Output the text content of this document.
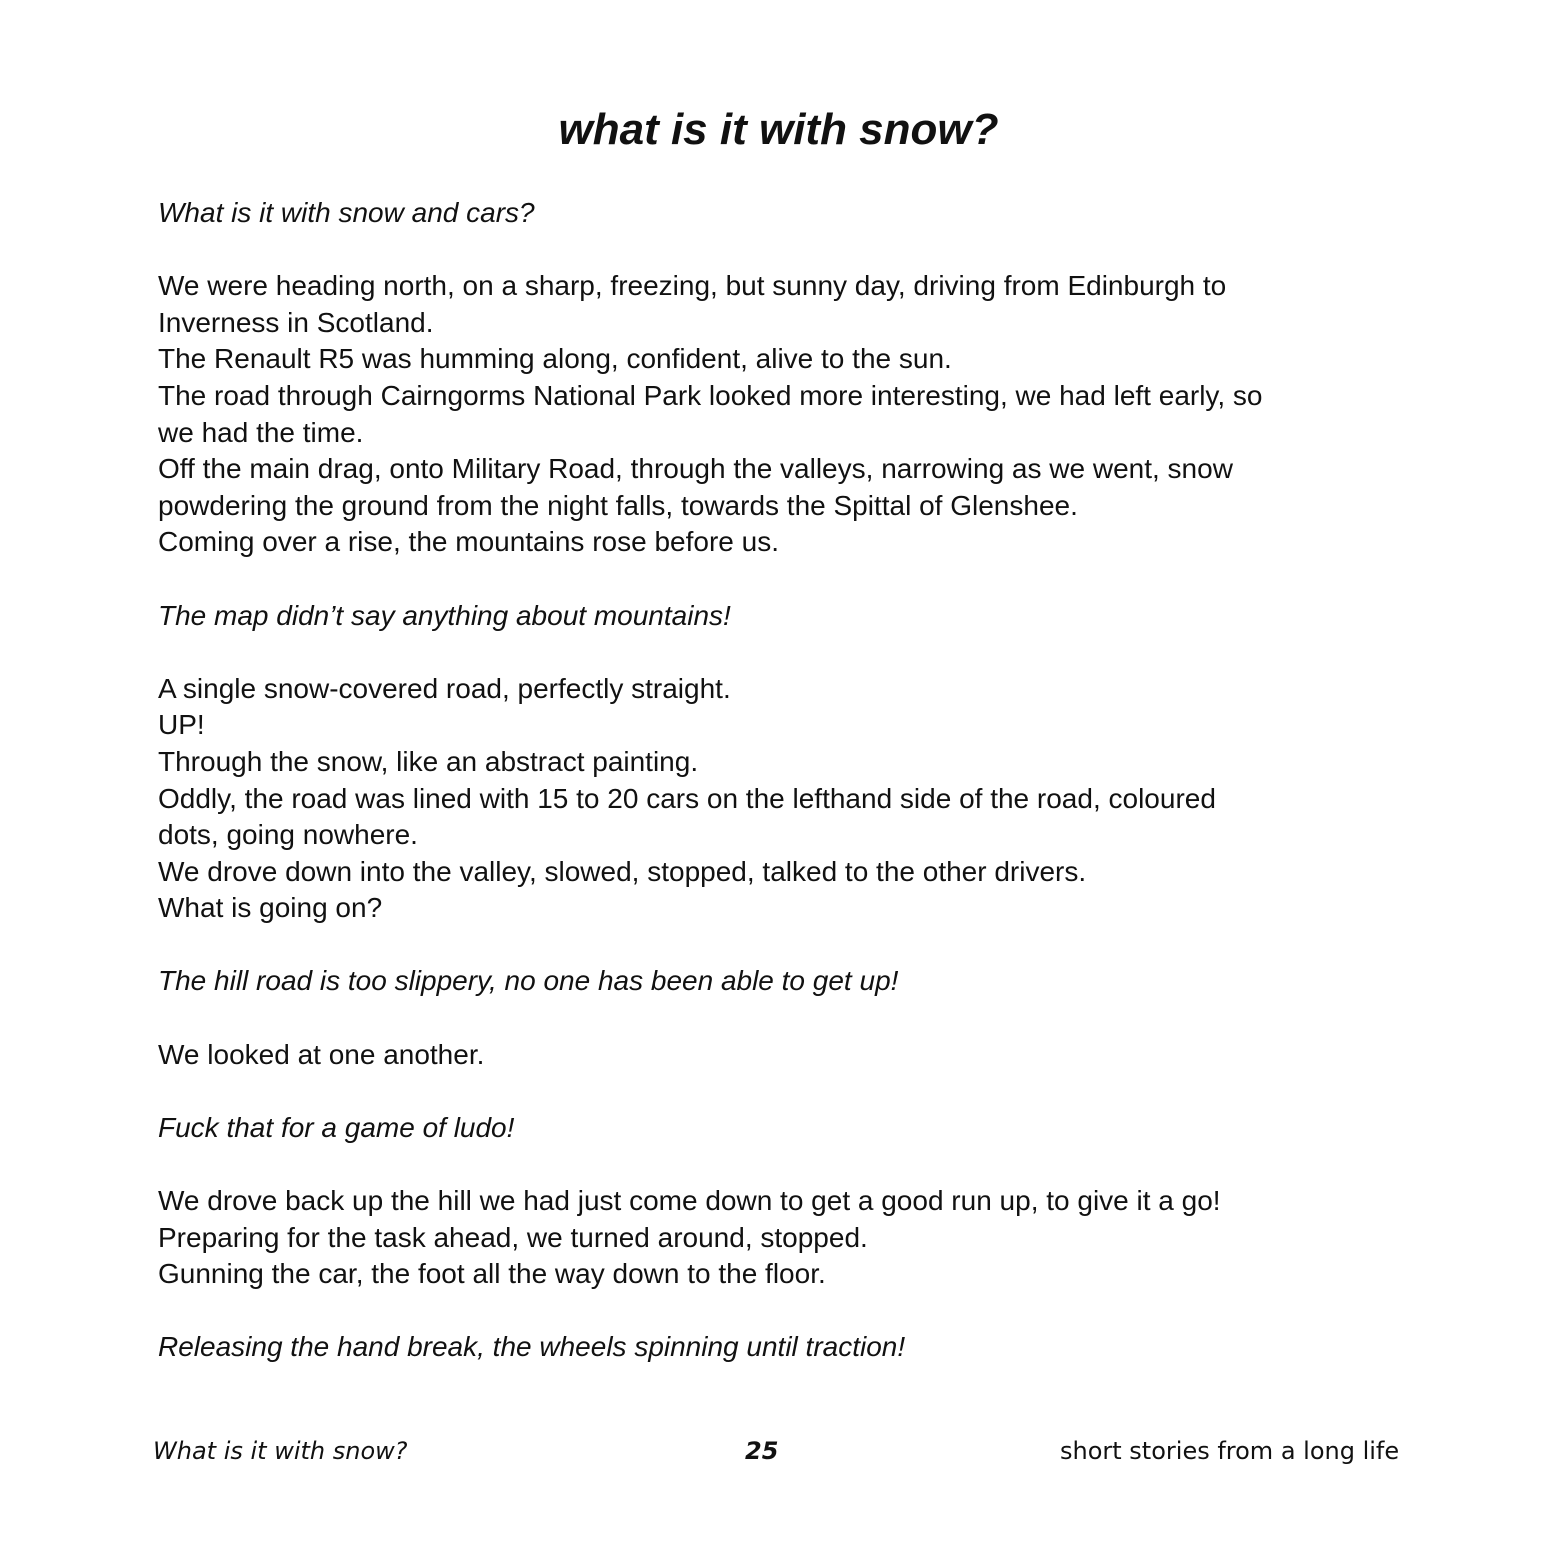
what is it with snow?
What is it with snow and cars?
We were heading north, on a sharp, freezing, but sunny day, driving from Edinburgh to
Inverness in Scotland.
The Renault R5 was humming along, confident, alive to the sun.
The road through Cairngorms National Park looked more interesting, we had left early, so
we had the time.
Off the main drag, onto Military Road, through the valleys, narrowing as we went, snow
powdering the ground from the night falls, towards the Spittal of Glenshee.
Coming over a rise, the mountains rose before us.
The map didn’t say anything about mountains!
A single snow-covered road, perfectly straight.
UP!
Through the snow, like an abstract painting.
Oddly, the road was lined with 15 to 20 cars on the lefthand side of the road, coloured
dots, going nowhere.
We drove down into the valley, slowed, stopped, talked to the other drivers.
What is going on?
The hill road is too slippery, no one has been able to get up!
We looked at one another.
Fuck that for a game of ludo!
We drove back up the hill we had just come down to get a good run up, to give it a go!
Preparing for the task ahead, we turned around, stopped.
Gunning the car, the foot all the way down to the floor.
Releasing the hand break, the wheels spinning until traction!
What is it with snow?	25	short stories from a long life
